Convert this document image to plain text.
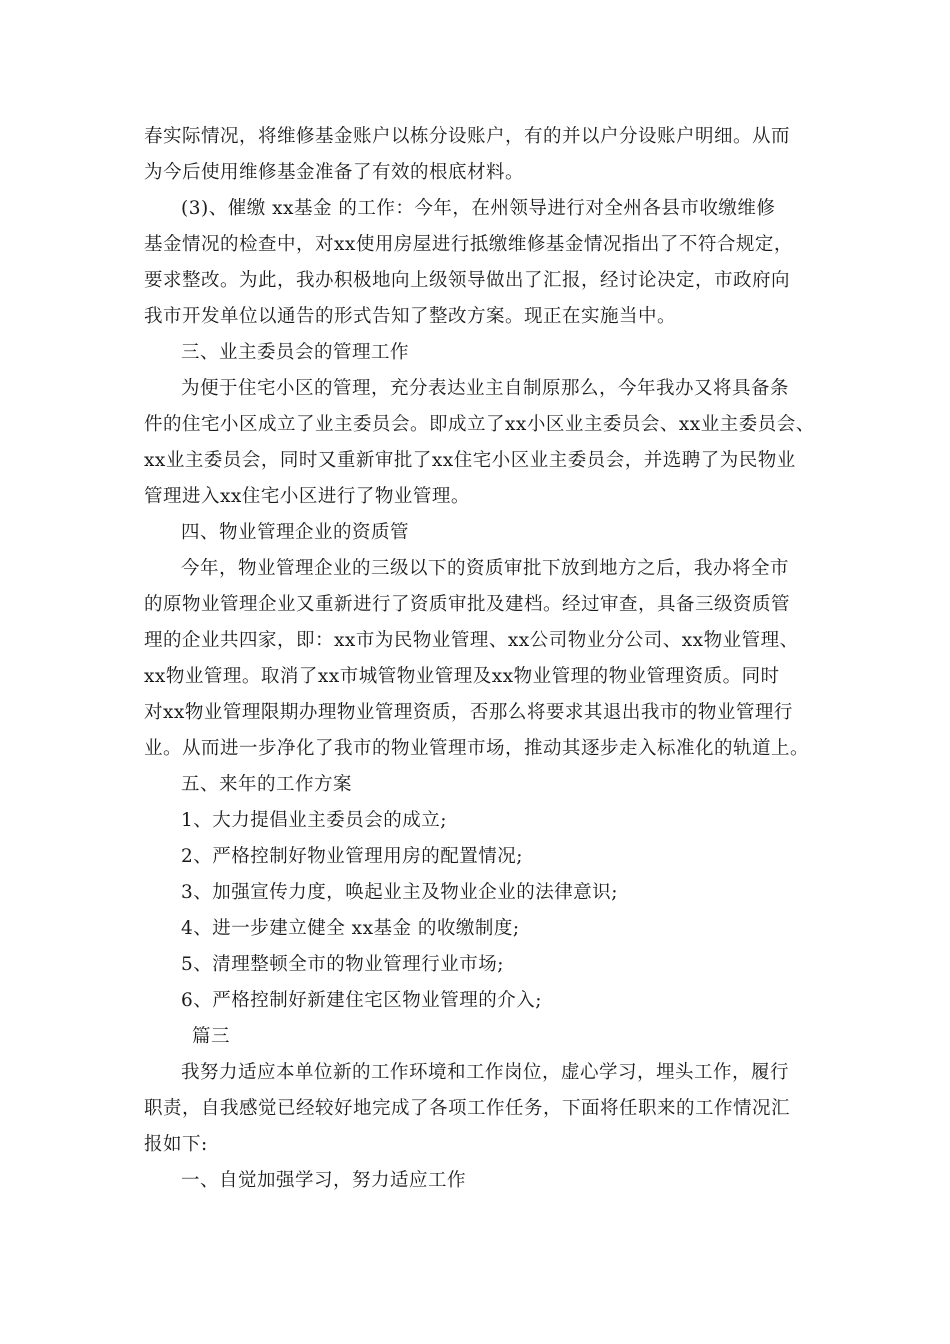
春实际情况，将维修基金账户以栋分设账户，有的并以户分设账户明细。从而
为今后使用维修基金准备了有效的根底材料。
(3)、催缴 xx基金 的工作：今年，在州领导进行对全州各县市收缴维修
基金情况的检查中，对xx使用房屋进行抵缴维修基金情况指出了不符合规定，
要求整改。为此，我办积极地向上级领导做出了汇报，经讨论决定，市政府向
我市开发单位以通告的形式告知了整改方案。现正在实施当中。
三、业主委员会的管理工作
为便于住宅小区的管理，充分表达业主自制原那么，今年我办又将具备条
件的住宅小区成立了业主委员会。即成立了xx小区业主委员会、xx业主委员会、
xx业主委员会，同时又重新审批了xx住宅小区业主委员会，并选聘了为民物业
管理进入xx住宅小区进行了物业管理。
四、物业管理企业的资质管
今年，物业管理企业的三级以下的资质审批下放到地方之后，我办将全市
的原物业管理企业又重新进行了资质审批及建档。经过审查，具备三级资质管
理的企业共四家，即：xx市为民物业管理、xx公司物业分公司、xx物业管理、
xx物业管理。取消了xx市城管物业管理及xx物业管理的物业管理资质。同时
对xx物业管理限期办理物业管理资质，否那么将要求其退出我市的物业管理行
业。从而进一步净化了我市的物业管理市场，推动其逐步走入标准化的轨道上。
五、来年的工作方案
1、大力提倡业主委员会的成立;
2、严格控制好物业管理用房的配置情况;
3、加强宣传力度，唤起业主及物业企业的法律意识;
4、进一步建立健全 xx基金 的收缴制度;
5、清理整顿全市的物业管理行业市场;
6、严格控制好新建住宅区物业管理的介入;
篇三
我努力适应本单位新的工作环境和工作岗位，虚心学习，埋头工作，履行
职责，自我感觉已经较好地完成了各项工作任务，下面将任职来的工作情况汇
报如下:
一、自觉加强学习，努力适应工作
